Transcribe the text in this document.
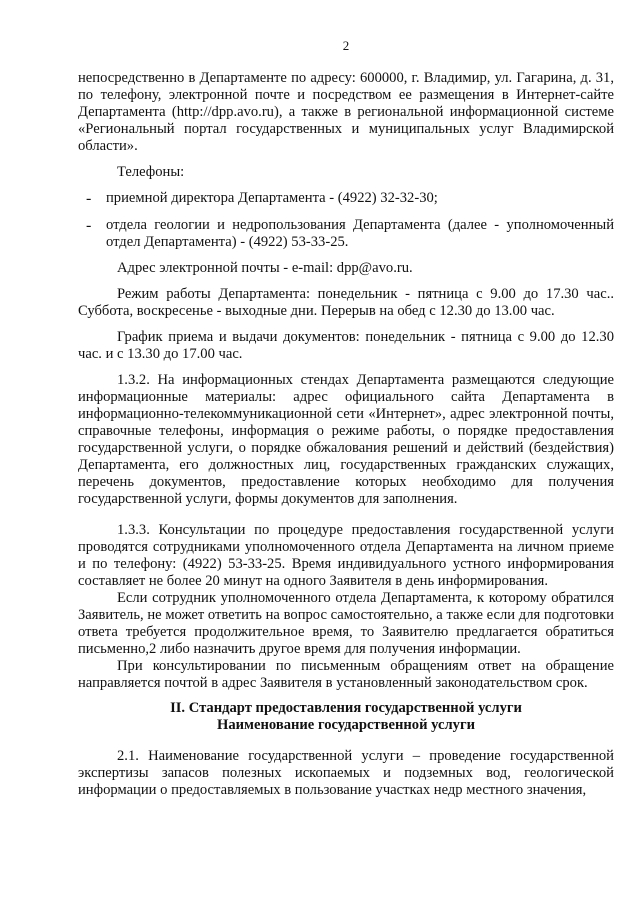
2

непосредственно в Департаменте по адресу: 600000, г. Владимир, ул. Гагарина, д. 31, по телефону, электронной почте и посредством ее размещения в Интернет-сайте Департамента (http://dpp.avo.ru), а также в региональной информационной системе «Региональный портал государственных и муниципальных услуг Владимирской области».

Телефоны:

-	приемной директора Департамента - (4922) 32-32-30;

-	отдела геологии и недропользования Департамента (далее - уполномоченный отдел Департамента) - (4922) 53-33-25.

Адрес электронной почты - e-mail: dpp@avo.ru.

Режим работы Департамента: понедельник - пятница с 9.00 до 17.30 час.. Суббота, воскресенье - выходные дни. Перерыв на обед с 12.30 до 13.00 час.

График приема и выдачи документов: понедельник - пятница с 9.00 до 12.30 час. и с 13.30 до 17.00 час.

1.3.2. На информационных стендах Департамента размещаются следующие информационные материалы: адрес официального сайта Департамента в информационно-телекоммуникационной сети «Интернет», адрес электронной почты, справочные телефоны, информация о режиме работы, о порядке предоставления государственной услуги, о порядке обжалования решений и действий (бездействия) Департамента, его должностных лиц, государственных гражданских служащих, перечень документов, предоставление которых необходимо для получения государственной услуги, формы документов для заполнения.

1.3.3. Консультации по процедуре предоставления государственной услуги проводятся сотрудниками уполномоченного отдела Департамента на личном приеме и по телефону: (4922) 53-33-25. Время индивидуального устного информирования составляет не более 20 минут на одного Заявителя в день информирования.

Если сотрудник уполномоченного отдела Департамента, к которому обратился Заявитель, не может ответить на вопрос самостоятельно, а также если для подготовки ответа требуется продолжительное время, то Заявителю предлагается обратиться письменно,2 либо назначить другое время для получения информации.

При консультировании по письменным обращениям ответ на обращение направляется почтой в адрес Заявителя в установленный законодательством срок.

II. Стандарт предоставления государственной услуги
Наименование государственной услуги

2.1. Наименование государственной услуги – проведение государственной экспертизы запасов полезных ископаемых и подземных вод, геологической информации о предоставляемых в пользование участках недр местного значения,
